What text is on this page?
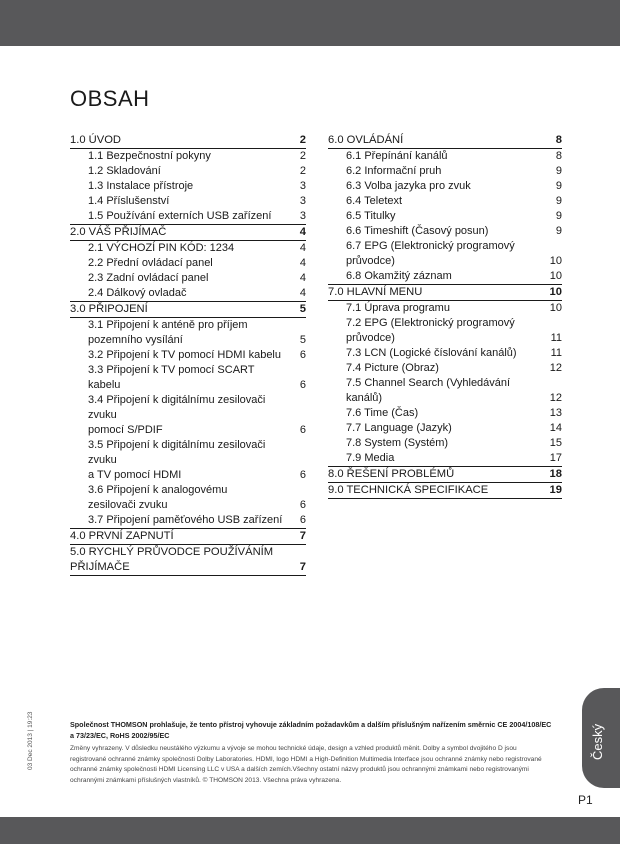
OBSAH
1.0 ÚVOD	2
1.1 Bezpečnostní pokyny	2
1.2 Skladování	2
1.3 Instalace přístroje	3
1.4 Příslušenství	3
1.5 Používání externích USB zařízení	3
2.0 VÁŠ PŘIJÍMAČ	4
2.1 VÝCHOZÍ PIN KÓD: 1234	4
2.2 Přední ovládací panel	4
2.3 Zadní ovládací panel	4
2.4 Dálkový ovladač	4
3.0 PŘIPOJENÍ	5
3.1 Připojení k anténě pro příjem
pozemního vysílání	5
3.2 Připojení k TV pomocí HDMI kabelu	6
3.3 Připojení k TV pomocí SCART kabelu	6
3.4 Připojení k digitálnímu zesilovači zvuku
pomocí S/PDIF	6
3.5 Připojení k digitálnímu zesilovači zvuku
a TV pomocí HDMI	6
3.6 Připojení k analogovému
zesilovači zvuku	6
3.7 Připojení paměťového USB zařízení	6
4.0 PRVNÍ ZAPNUTÍ	7
5.0 RYCHLÝ PRŮVODCE POUŽÍVÁNÍM
PŘIJÍMAČE	7
6.0 OVLÁDÁNÍ	8
6.1 Přepínání kanálů	8
6.2 Informační pruh	9
6.3 Volba jazyka pro zvuk	9
6.4 Teletext	9
6.5 Titulky	9
6.6 Timeshift (Časový posun)	9
6.7 EPG (Elektronický programový
průvodce)	10
6.8 Okamžitý záznam	10
7.0 HLAVNÍ MENU	10
7.1 Úprava programu	10
7.2 EPG (Elektronický programový
průvodce)	11
7.3 LCN (Logické číslování kanálů)	11
7.4 Picture (Obraz)	12
7.5 Channel Search (Vyhledávání kanálů)	12
7.6 Time (Čas)	13
7.7 Language (Jazyk)	14
7.8 System (Systém)	15
7.9 Media	17
8.0 ŘEŠENÍ PROBLÉMŮ	18
9.0 TECHNICKÁ SPECIFIKACE	19
03 Dec 2013 | 19:23	Společnost THOMSON prohlašuje, že tento přístroj vyhovuje základním požadavkům a dalším příslušným nařízením směrnic CE 2004/108/EC a 73/23/EC, RoHS 2002/95/EC
Změny vyhrazeny. V důsledku neustálého výzkumu a vývoje se mohou technické údaje, design a vzhled produktů měnit. Dolby a symbol dvojitého D jsou registrované ochranné známky společnosti Dolby Laboratories. HDMI, logo HDMI a High-Definition Multimedia Interface jsou ochranné známky nebo registrované ochranné známky společnosti HDMI Licensing LLC v USA a dalších zemích.Všechny ostatní názvy produktů jsou ochrannými známkami nebo registrovanými ochrannými známkami příslušných vlastníků. © THOMSON 2013. Všechna práva vyhrazena.
Český
P1
